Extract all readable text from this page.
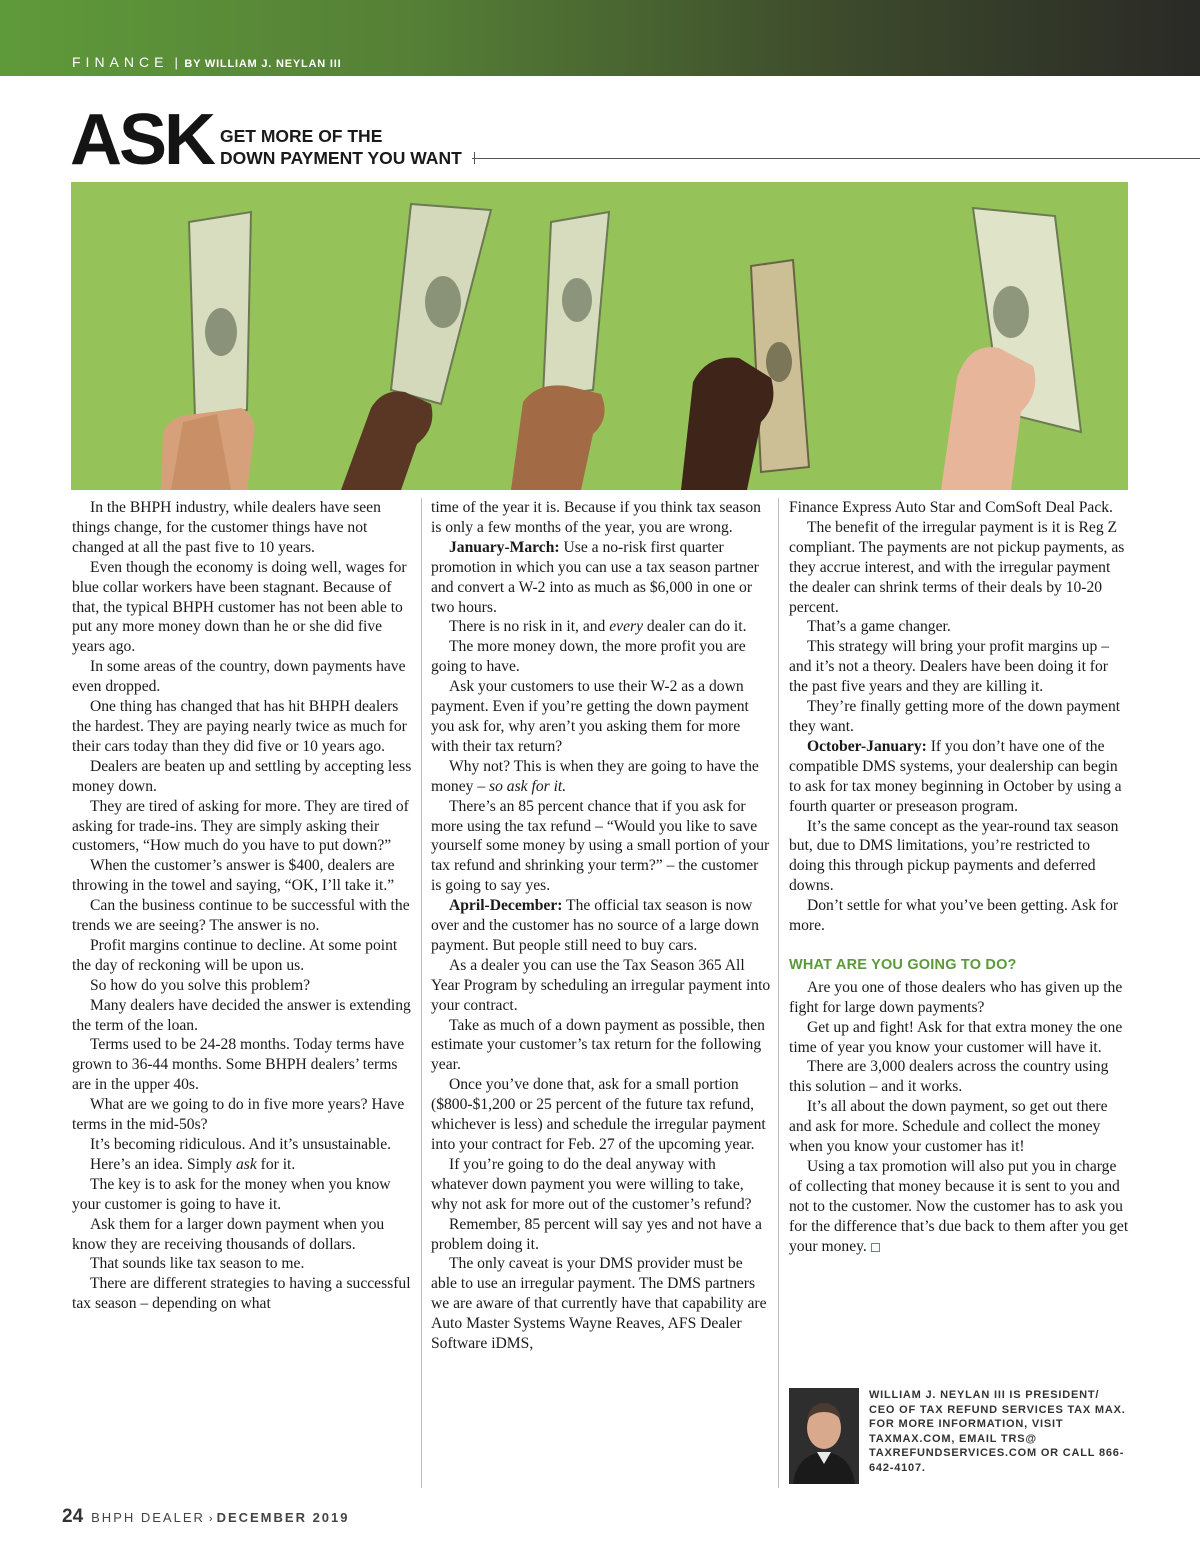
FINANCE | BY WILLIAM J. NEYLAN III
ASK GET MORE OF THE
DOWN PAYMENT YOU WANT

In the BHPH industry, while dealers have seen things change, for the customer things have not changed at all the past five to 10 years.

Even though the economy is doing well, wages for blue collar workers have been stagnant. Because of that, the typical BHPH customer has not been able to put any more money down than he or she did five years ago.

In some areas of the country, down payments have even dropped.

One thing has changed that has hit BHPH dealers the hardest. They are paying nearly twice as much for their cars today than they did five or 10 years ago.

Dealers are beaten up and settling by accepting less money down.

They are tired of asking for more. They are tired of asking for trade-ins. They are simply asking their customers, “How much do you have to put down?”

When the customer’s answer is $400, dealers are throwing in the towel and saying, “OK, I’ll take it.”

Can the business continue to be successful with the trends we are seeing? The answer is no.

Profit margins continue to decline. At some point the day of reckoning will be upon us.

So how do you solve this problem?

Many dealers have decided the answer is extending the term of the loan.

Terms used to be 24-28 months. Today terms have grown to 36-44 months. Some BHPH dealers’ terms are in the upper 40s.

What are we going to do in five more years? Have terms in the mid-50s?

It’s becoming ridiculous. And it’s unsustainable.

Here’s an idea. Simply ask for it.

The key is to ask for the money when you know your customer is going to have it.

Ask them for a larger down payment when you know they are receiving thousands of dollars.

That sounds like tax season to me.

There are different strategies to having a successful tax season – depending on what

time of the year it is. Because if you think tax season is only a few months of the year, you are wrong.

January-March: Use a no-risk first quarter promotion in which you can use a tax season partner and convert a W-2 into as much as $6,000 in one or two hours.

There is no risk in it, and every dealer can do it.

The more money down, the more profit you are going to have.

Ask your customers to use their W-2 as a down payment. Even if you’re getting the down payment you ask for, why aren’t you asking them for more with their tax return?

Why not? This is when they are going to have the money – so ask for it.

There’s an 85 percent chance that if you ask for more using the tax refund – “Would you like to save yourself some money by using a small portion of your tax refund and shrinking your term?” – the customer is going to say yes.

April-December: The official tax season is now over and the customer has no source of a large down payment. But people still need to buy cars.

As a dealer you can use the Tax Season 365 All Year Program by scheduling an irregular payment into your contract.

Take as much of a down payment as possible, then estimate your customer’s tax return for the following year.

Once you’ve done that, ask for a small portion ($800-$1,200 or 25 percent of the future tax refund, whichever is less) and schedule the irregular payment into your contract for Feb. 27 of the upcoming year.

If you’re going to do the deal anyway with whatever down payment you were willing to take, why not ask for more out of the customer’s refund?

Remember, 85 percent will say yes and not have a problem doing it.

The only caveat is your DMS provider must be able to use an irregular payment. The DMS partners we are aware of that currently have that capability are Auto Master Systems Wayne Reaves, AFS Dealer Software iDMS,

Finance Express Auto Star and ComSoft Deal Pack.

The benefit of the irregular payment is it is Reg Z compliant. The payments are not pickup payments, as they accrue interest, and with the irregular payment the dealer can shrink terms of their deals by 10-20 percent.

That’s a game changer.

This strategy will bring your profit margins up – and it’s not a theory. Dealers have been doing it for the past five years and they are killing it.

They’re finally getting more of the down payment they want.

October-January: If you don’t have one of the compatible DMS systems, your dealership can begin to ask for tax money beginning in October by using a fourth quarter or preseason program.

It’s the same concept as the year-round tax season but, due to DMS limitations, you’re restricted to doing this through pickup payments and deferred downs.

Don’t settle for what you’ve been getting. Ask for more.

WHAT ARE YOU GOING TO DO?

Are you one of those dealers who has given up the fight for large down payments?

Get up and fight! Ask for that extra money the one time of year you know your customer will have it.

There are 3,000 dealers across the country using this solution – and it works.

It’s all about the down payment, so get out there and ask for more. Schedule and collect the money when you know your customer has it!

Using a tax promotion will also put you in charge of collecting that money because it is sent to you and not to the customer. Now the customer has to ask you for the difference that’s due back to them after you get your money.

WILLIAM J. NEYLAN III IS PRESIDENT/ CEO OF TAX REFUND SERVICES TAX MAX. FOR MORE INFORMATION, VISIT TAXMAX.COM, EMAIL TRS@ TAXREFUNDSERVICES.COM OR CALL 866-642-4107.
24 BHPH DEALER › DECEMBER 2019
